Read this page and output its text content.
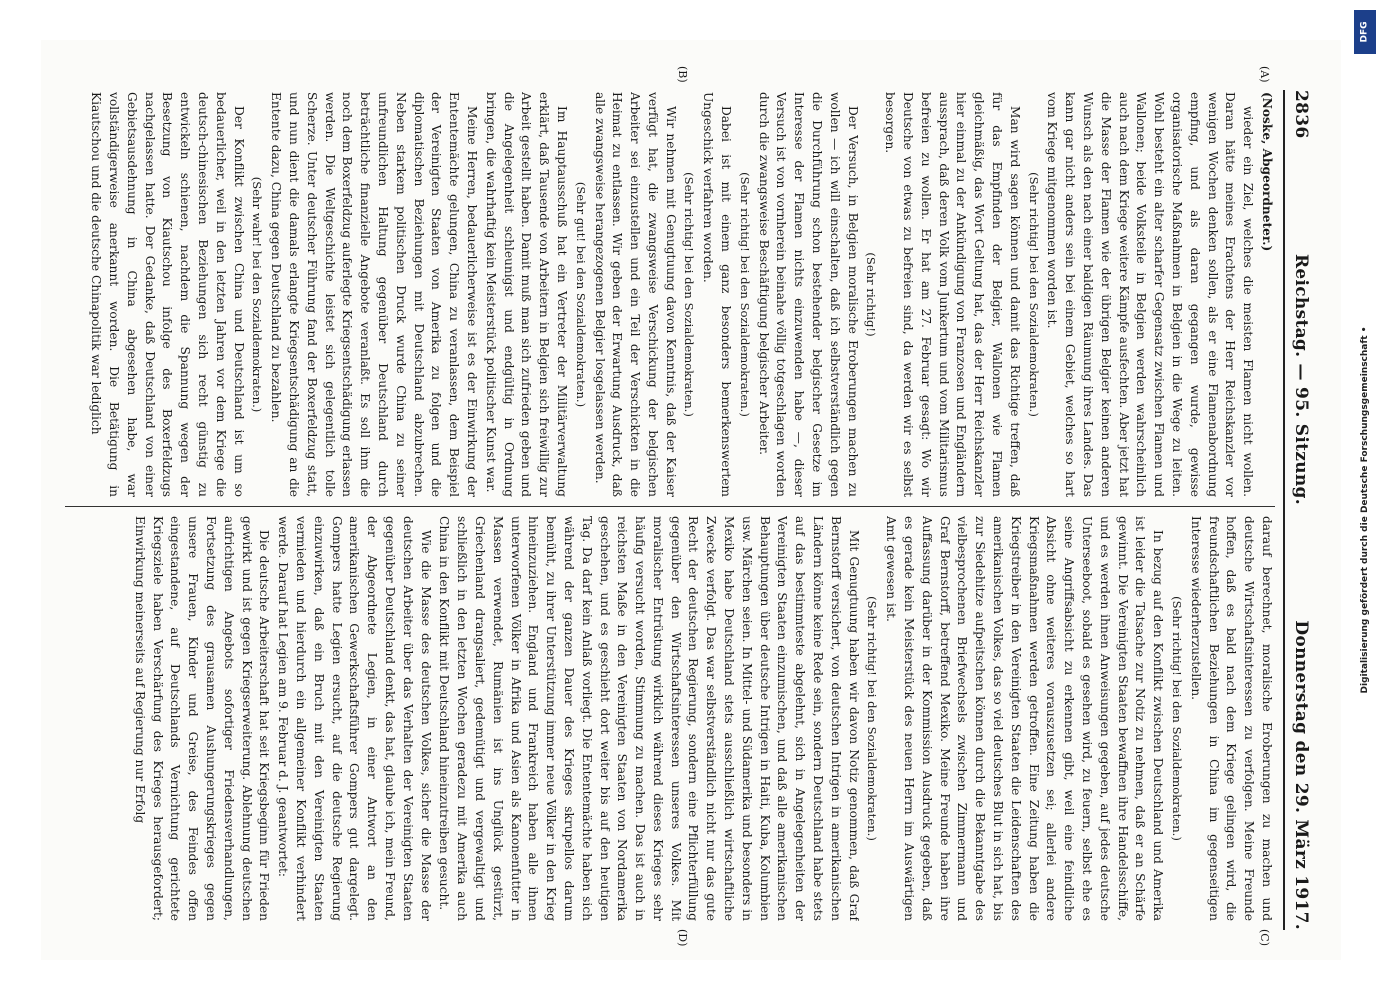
2836
Reichstag. — 95. Sitzung.
Donnerstag den 29. März 1917.
(A)
(B)
(C)
(D)

(Noske, Abgeordneter.)

wieder ein Ziel, welches die meisten Flamen nicht wollen. Daran hätte meines Erachtens der Herr Reichskanzler vor wenigen Wochen denken sollen, als er eine Flamenabordnung empfing, und als daran gegangen wurde, gewisse organisatorische Maßnahmen in Belgien in die Wege zu leiten. Wohl besteht ein alter scharfer Gegensatz zwischen Flamen und Wallonen; beide Volksteile in Belgien werden wahrscheinlich auch nach dem Kriege weitere Kämpfe ausfechten. Aber jetzt hat die Masse der Flamen wie der übrigen Belgier keinen anderen Wunsch als den nach einer baldigen Räumung ihres Landes. Das kann gar nicht anders sein bei einem Gebiet, welches so hart vom Kriege mitgenommen worden ist.

(Sehr richtig! bei den Sozialdemokraten.)

Man wird sagen können und damit das Richtige treffen, daß für das Empfinden der Belgier, Wallonen wie Flamen gleichmäßig, das Wort Geltung hat, das der Herr Reichskanzler hier einmal zu der Ankündigung von Franzosen und Engländern aussprach, daß deren Volk vom Junkertum und vom Militarismus befreien zu wollen. Er hat am 27. Februar gesagt: Wo wir Deutsche von etwas zu befreien sind, da werden wir es selbst besorgen.

(Sehr richtig!)

Der Versuch, in Belgien moralische Eroberungen machen zu wollen — ich will einschalten, daß ich selbstverständlich gegen die Durchführung schon bestehender belgischer Gesetze im Interesse der Flamen nichts einzuwenden habe —, dieser Versuch ist von vornherein beinahe völlig totgeschlagen worden durch die zwangsweise Beschäftigung belgischer Arbeiter.

(Sehr richtig! bei den Sozialdemokraten.)

Dabei ist mit einem ganz besonders bemerkenswertem Ungeschick verfahren worden.

(Sehr richtig! bei den Sozialdemokraten.)

Wir nehmen mit Genugtuung davon Kenntnis, daß der Kaiser verfügt hat, die zwangsweise Verschickung der belgischen Arbeiter sei einzustellen und ein Teil der Verschickten in die Heimat zu entlassen. Wir geben der Erwartung Ausdruck, daß alle zwangsweise herangezogenen Belgier losgelassen werden.

(Sehr gut! bei den Sozialdemokraten.)

Im Hauptausschuß hat ein Vertreter der Militärverwaltung erklärt, daß Tausende von Arbeitern in Belgien sich freiwillig zur Arbeit gestellt haben. Damit muß man sich zufrieden geben und die Angelegenheit schleunigst und endgültig in Ordnung bringen, die wahrhaftig kein Meisterstück politischer Kunst war.

Meine Herren, bedauerlicherweise ist es der Einwirkung der Ententemächte gelungen, China zu veranlassen, dem Beispiel der Vereinigten Staaten von Amerika zu folgen und die diplomatischen Beziehungen mit Deutschland abzubrechen. Neben starkem politischen Druck wurde China zu seiner unfreundlichen Haltung gegenüber Deutschland durch beträchtliche finanzielle Angebote veranlaßt. Es soll ihm die noch dem Boxerfeldzug auferlegte Kriegsentschädigung erlassen werden. Die Weltgeschichte leistet sich gelegentlich tolle Scherze. Unter deutscher Führung fand der Boxerfeldzug statt, und nun dient die damals erlangte Kriegsentschädigung an die Entente dazu, China gegen Deutschland zu bezahlen.

(Sehr wahr! bei den Sozialdemokraten.)

Der Konflikt zwischen China und Deutschland ist um so bedauerlicher, weil in den letzten Jahren vor dem Kriege die deutsch-chinesischen Beziehungen sich recht günstig zu entwickeln schienen, nachdem die Spannung wegen der Besetzung von Kiautschou infolge des Boxerfeldzugs nachgelassen hatte. Der Gedanke, daß Deutschland von einer Gebietsausdehnung in China abgesehen habe, war vollständigerweise anerkannt worden. Die Betätigung in Kiautschou und die deutsche Chinapolitik war lediglich

darauf berechnet, moralische Eroberungen zu machen und deutsche Wirtschaftsinteressen zu verfolgen. Meine Freunde hoffen, daß es bald nach dem Kriege gelingen wird, die freundschaftlichen Beziehungen in China im gegenseitigen Interesse wiederherzustellen.

(Sehr richtig! bei den Sozialdemokraten.)

In bezug auf den Konflikt zwischen Deutschland und Amerika ist leider die Tatsache zur Notiz zu nehmen, daß er an Schärfe gewinnt. Die Vereinigten Staaten bewaffnen ihre Handelsschiffe, und es werden ihnen Anweisungen gegeben, auf jedes deutsche Unterseeboot, sobald es gesehen wird, zu feuern, selbst ehe es seine Angriffsabsicht zu erkennen gibt, weil eine feindliche Absicht ohne weiteres vorauszusetzen sei; allerlei andere Kriegsmaßnahmen werden getroffen. Eine Zeitung haben die Kriegstreiber in den Vereinigten Staaten die Leidenschaften des amerikanischen Volkes, das so viel deutsches Blut in sich hat, bis zur Siedehitze aufpeitschen können durch die Bekanntgabe des vielbesprochenen Briefwechsels zwischen Zimmermann und Graf Bernstorff, betreffend Mexiko. Meine Freunde haben ihre Auffassung darüber in der Kommission Ausdruck gegeben, daß es gerade kein Meisterstück des neuen Herrn im Auswärtigen Amt gewesen ist.

(Sehr richtig! bei den Sozialdemokraten.)

Mit Genugtuung haben wir davon Notiz genommen, daß Graf Bernstorff versichert, von deutschen Intrigen in amerikanischen Ländern könne keine Rede sein, sondern Deutschland habe stets auf das bestimmteste abgelehnt, sich in Angelegenheiten der Vereinigten Staaten einzumischen, und daß alle amerikanischen Behauptungen über deutsche Intrigen in Haiti, Kuba, Kolumbien usw. Märchen seien. In Mittel- und Südamerika und besonders in Mexiko habe Deutschland stets ausschließlich wirtschaftliche Zwecke verfolgt. Das war selbstverständlich nicht nur das gute Recht der deutschen Regierung, sondern eine Pflichterfüllung gegenüber den Wirtschaftsinteressen unseres Volkes. Mit moralischer Entrüstung wirklich während dieses Krieges sehr häufig versucht worden, Stimmung zu machen. Das ist auch in reichsten Maße in den Vereinigten Staaten von Nordamerika geschehen, und es geschieht dort weiter bis auf den heutigen Tag. Da darf kein Anlaß vorliegt. Die Ententemächte haben sich während der ganzen Dauer des Krieges skrupellos darum bemüht, zu ihrer Unterstützung immer neue Völker in den Krieg hineinzuziehen. England und Frankreich haben alle ihnen unterworfenen Völker in Afrika und Asien als Kanonenfutter in Massen verwendet, Rumänien ist ins Unglück gestürzt, Griechenland drangsaliert, gedemütigt und vergewaltigt und schließlich in den letzten Wochen geradezu mit Amerika auch China in den Konflikt mit Deutschland hineinzutreiben gesucht.

Wie die Masse des deutschen Volkes, sicher die Masse der deutschen Arbeiter über das Verhalten der Vereinigten Staaten gegenüber Deutschland denkt, das hat, glaube ich, mein Freund, der Abgeordnete Legien, in einer Antwort an den amerikanischen Gewerkschaftsführer Gompers gut dargelegt. Gompers hatte Legien ersucht, auf die deutsche Regierung einzuwirken, daß ein Bruch mit den Vereinigten Staaten vermieden und hierdurch ein allgemeiner Konflikt verhindert werde. Darauf hat Legien am 9. Februar d. J. geantwortet:

Die deutsche Arbeiterschaft hat seit Kriegsbeginn für Frieden gewirkt und ist gegen Kriegserweiterung. Ablehnung deutschen aufrichtigen Angebots sofortiger Friedensverhandlungen, Fortsetzung des grausamen Aushungerungskrieges gegen unsere Frauen, Kinder und Greise, des Feindes offen eingestandene, auf Deutschlands Vernichtung gerichtete Kriegsziele haben Verschärfung des Krieges herausgefordert; Einwirkung meinerseits auf Regierung nur Erfolg

DFG
Digitalisierung gefördert durch die Deutsche Forschungsgemeinschaft •
